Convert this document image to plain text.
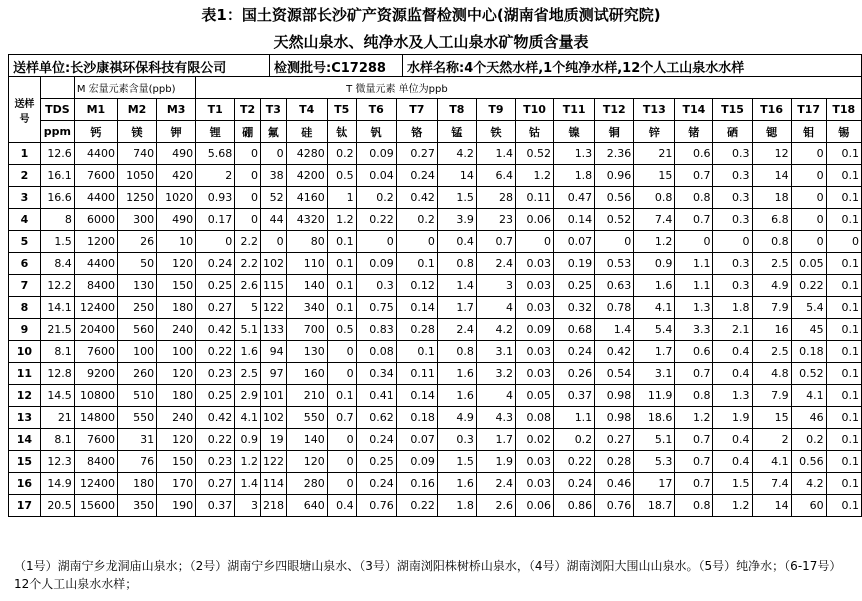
表1：国土资源部长沙矿产资源监督检测中心(湖南省地质测试研究院)
天然山泉水、纯净水及人工山泉水矿物质含量表
送样单位:长沙康祺环保科技有限公司	检测批号:C17288	水样名称:4个天然水样,1个纯净水样,12个人工山泉水水样
送样号		M 宏量元素含量(ppb)			T 微量元素 单位为ppb																	
	TDS	M1	M2	M3	T1	T2	T3	T4	T5	T6	T7	T8	T9	T10	T11	T12	T13	T14	T15	T16	T17	T18
	ppm	钙	镁	钾	锂	硼	氟	硅	钛	钒	铬	锰	铁	钴	镍	铜	锌	锗	硒	锶	钼	锡
1	12.6	4400	740	490	5.68	0	0	4280	0.2	0.09	0.27	4.2	1.4	0.52	1.3	2.36	21	0.6	0.3	12	0	0.1
2	16.1	7600	1050	420	2	0	38	4200	0.5	0.04	0.24	14	6.4	1.2	1.8	0.96	15	0.7	0.3	14	0	0.1
3	16.6	4400	1250	1020	0.93	0	52	4160	1	0.2	0.42	1.5	28	0.11	0.47	0.56	0.8	0.8	0.3	18	0	0.1
4	8	6000	300	490	0.17	0	44	4320	1.2	0.22	0.2	3.9	23	0.06	0.14	0.52	7.4	0.7	0.3	6.8	0	0.1
5	1.5	1200	26	10	0	2.2	0	80	0.1	0	0	0.4	0.7	0	0.07	0	1.2	0	0	0.8	0	0
6	8.4	4400	50	120	0.24	2.2	102	110	0.1	0.09	0.1	0.8	2.4	0.03	0.19	0.53	0.9	1.1	0.3	2.5	0.05	0.1
7	12.2	8400	130	150	0.25	2.6	115	140	0.1	0.3	0.12	1.4	3	0.03	0.25	0.63	1.6	1.1	0.3	4.9	0.22	0.1
8	14.1	12400	250	180	0.27	5	122	340	0.1	0.75	0.14	1.7	4	0.03	0.32	0.78	4.1	1.3	1.8	7.9	5.4	0.1
9	21.5	20400	560	240	0.42	5.1	133	700	0.5	0.83	0.28	2.4	4.2	0.09	0.68	1.4	5.4	3.3	2.1	16	45	0.1
10	8.1	7600	100	100	0.22	1.6	94	130	0	0.08	0.1	0.8	3.1	0.03	0.24	0.42	1.7	0.6	0.4	2.5	0.18	0.1
11	12.8	9200	260	120	0.23	2.5	97	160	0	0.34	0.11	1.6	3.2	0.03	0.26	0.54	3.1	0.7	0.4	4.8	0.52	0.1
12	14.5	10800	510	180	0.25	2.9	101	210	0.1	0.41	0.14	1.6	4	0.05	0.37	0.98	11.9	0.8	1.3	7.9	4.1	0.1
13	21	14800	550	240	0.42	4.1	102	550	0.7	0.62	0.18	4.9	4.3	0.08	1.1	0.98	18.6	1.2	1.9	15	46	0.1
14	8.1	7600	31	120	0.22	0.9	19	140	0	0.24	0.07	0.3	1.7	0.02	0.2	0.27	5.1	0.7	0.4	2	0.2	0.1
15	12.3	8400	76	150	0.23	1.2	122	120	0	0.25	0.09	1.5	1.9	0.03	0.22	0.28	5.3	0.7	0.4	4.1	0.56	0.1
16	14.9	12400	180	170	0.27	1.4	114	280	0	0.24	0.16	1.6	2.4	0.03	0.24	0.46	17	0.7	1.5	7.4	4.2	0.1
17	20.5	15600	350	190	0.37	3	218	640	0.4	0.76	0.22	1.8	2.6	0.06	0.86	0.76	18.7	0.8	1.2	14	60	0.1
（1号）湖南宁乡龙洞庙山泉水；（2号）湖南宁乡四眼塘山泉水、（3号）湖南浏阳株树桥山泉水，（4号）湖南浏阳大围山山泉水。（5号）纯净水；（6-17号）12个人工山泉水水样；
